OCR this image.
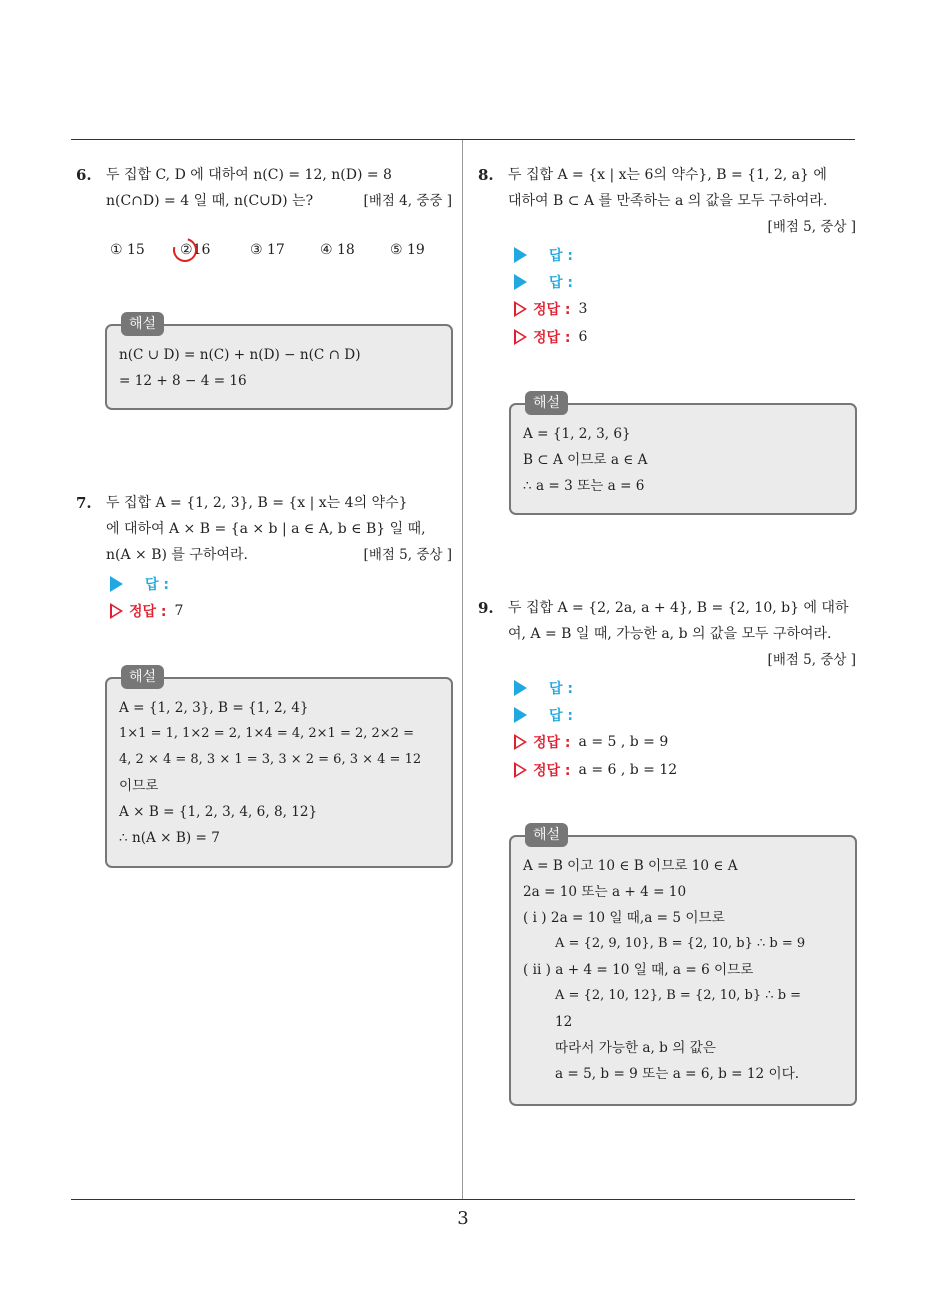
3
6. 두 집합 C, D 에 대하여 n(C) = 12, n(D) = 8
n(C∩D) = 4 일 때, n(C∪D) 는?	[배점 4, 중중 ]
①
15	② 16	③
17	④
18	⑤
19
해설
n(C ∪ D) = n(C) + n(D) − n(C ∩ D)
= 12 + 8 − 4 = 16
7. 두 집합 A = {1, 2, 3}, B = {x | x는 4의 약수}
에 대하여 A × B = {a × b | a ∈ A, b ∈ B} 일 때,
n(A × B) 를 구하여라.	[배점 5, 중상 ]
답 :
정답 : 7
해설
A = {1, 2, 3}, B = {1, 2, 4}
1×1 = 1, 1×2 = 2, 1×4 = 4, 2×1 = 2, 2×2 =
4, 2 × 4 = 8, 3 × 1 = 3, 3 × 2 = 6, 3 × 4 = 12
이므로
A × B = {1, 2, 3, 4, 6, 8, 12}
∴ n(A × B) = 7
8. 두 집합 A = {x | x는 6의 약수}, B = {1, 2, a} 에
대하여 B ⊂ A 를 만족하는 a 의 값을 모두 구하여라.
[배점 5, 중상 ]
답 :
답 :
정답 : 3
정답 : 6
해설
A = {1, 2, 3, 6}
B ⊂ A 이므로 a ∈ A
∴ a = 3 또는 a = 6
9. 두 집합 A = {2, 2a, a + 4}, B = {2, 10, b} 에 대하
여, A = B 일 때, 가능한 a, b 의 값을 모두 구하여라.
[배점 5, 중상 ]
답 :
답 :
정답 : a = 5 , b = 9
정답 : a = 6 , b = 12
해설
A = B 이고 10 ∈ B 이므로 10 ∈ A
2a = 10 또는 a + 4 = 10
( i ) 2a = 10 일 때,a = 5 이므로
A = {2, 9, 10}, B = {2, 10, b} ∴ b = 9
( ii ) a + 4 = 10 일 때, a = 6 이므로
A = {2, 10, 12}, B = {2, 10, b} ∴ b =
12
따라서 가능한 a, b 의 값은
a = 5, b = 9 또는 a = 6, b = 12 이다.
